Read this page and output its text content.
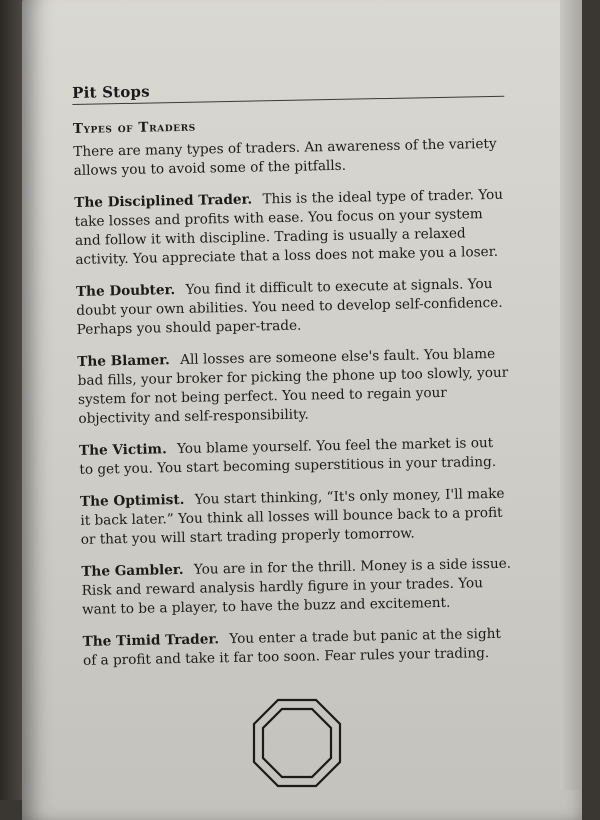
Pit Stops
Types of Traders

There are many types of traders. An awareness of the variety allows you to avoid some of the pitfalls.

The Disciplined Trader. This is the ideal type of trader. You take losses and profits with ease. You focus on your system and follow it with discipline. Trading is usually a relaxed activity. You appreciate that a loss does not make you a loser.

The Doubter. You find it difficult to execute at signals. You doubt your own abilities. You need to develop self-confidence. Perhaps you should paper-trade.

The Blamer. All losses are someone else's fault. You blame bad fills, your broker for picking the phone up too slowly, your system for not being perfect. You need to regain your objectivity and self-responsibility.

The Victim. You blame yourself. You feel the market is out to get you. You start becoming superstitious in your trading.

The Optimist. You start thinking, “It's only money, I'll make it back later.” You think all losses will bounce back to a profit or that you will start trading properly tomorrow.

The Gambler. You are in for the thrill. Money is a side issue. Risk and reward analysis hardly figure in your trades. You want to be a player, to have the buzz and excitement.

The Timid Trader. You enter a trade but panic at the sight of a profit and take it far too soon. Fear rules your trading.
